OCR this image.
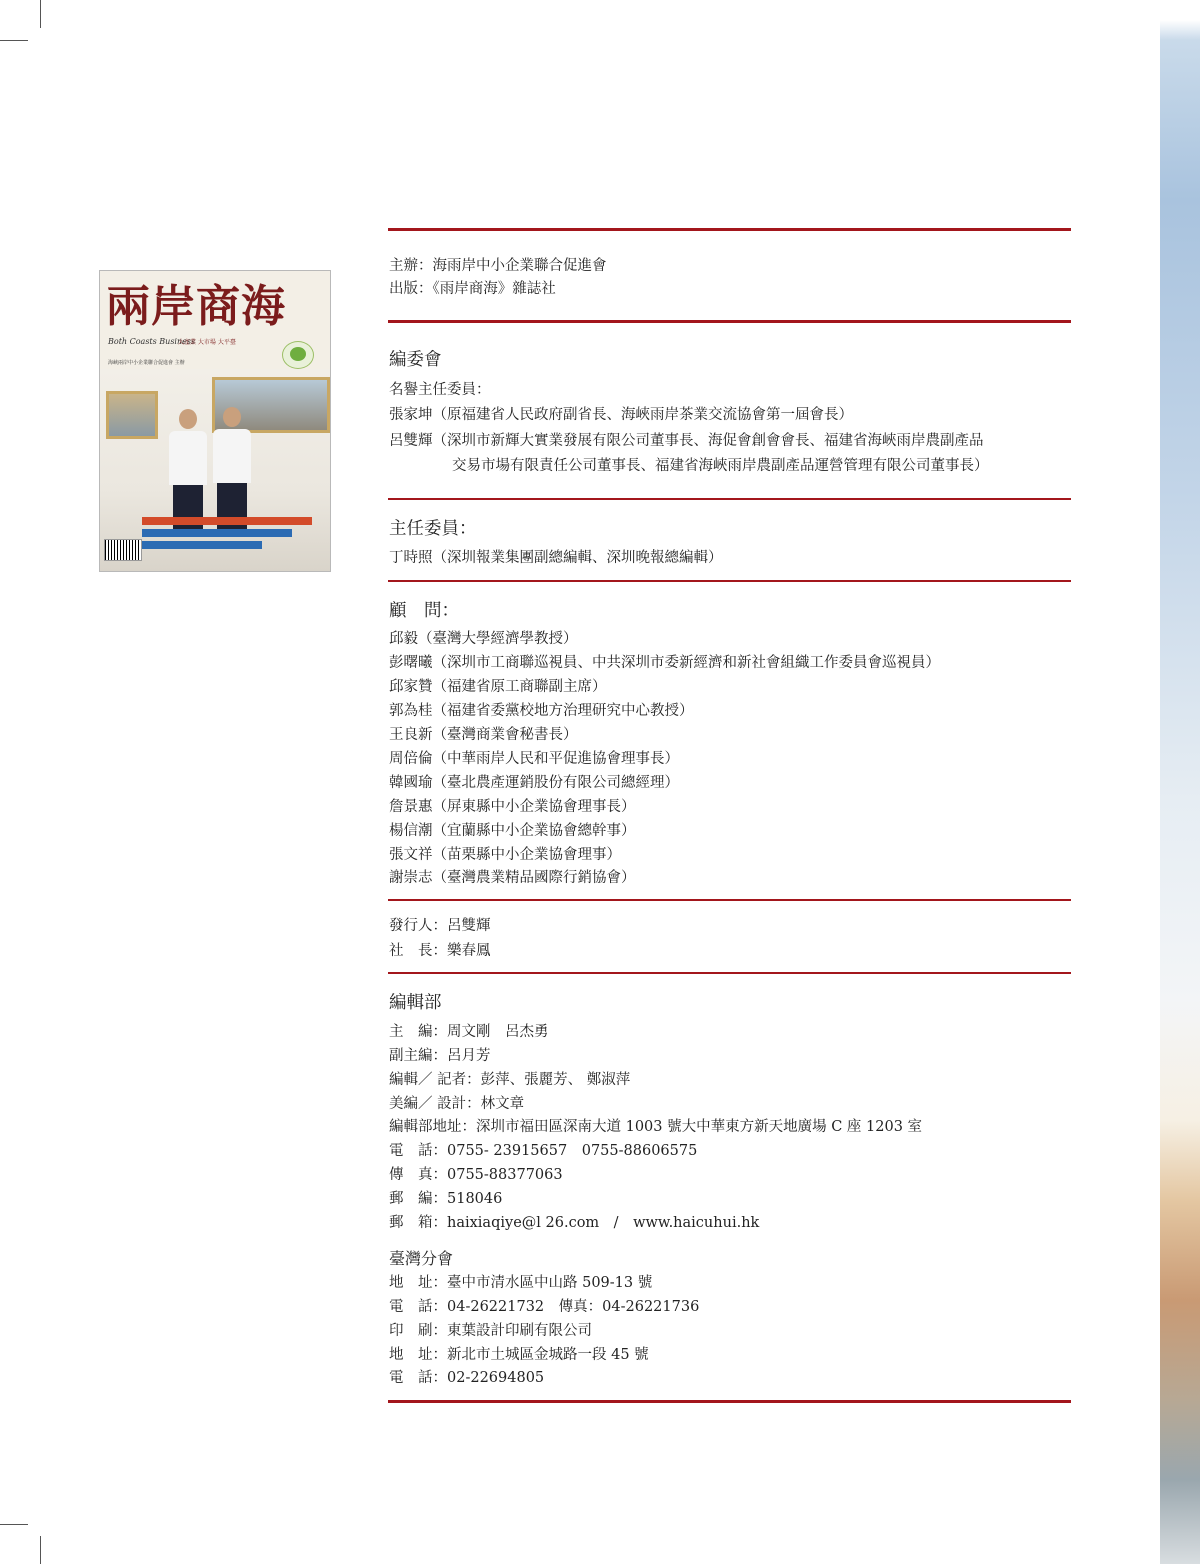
兩岸商海
Both Coasts Business
大產業 大市場 大平臺
海峽兩岸中小企業聯合促進會 主辦
主辦：海雨岸中小企業聯合促進會
出版：《雨岸商海》雜誌社
編委會
名譽主任委員：
張家坤（原福建省人民政府副省長、海峽雨岸茶業交流協會第一屆會長）
呂雙輝（深圳市新輝大實業發展有限公司董事長、海促會創會會長、福建省海峽雨岸農副產品
交易市場有限責任公司董事長、福建省海峽雨岸農副產品運營管理有限公司董事長）
主任委員：
丁時照（深圳報業集團副總編輯、深圳晚報總編輯）
顧　問：
邱毅（臺灣大學經濟學教授）
彭曙曦（深圳市工商聯巡視員、中共深圳市委新經濟和新社會組織工作委員會巡視員）
邱家贊（福建省原工商聯副主席）
郭為桂（福建省委黨校地方治理研究中心教授）
王良新（臺灣商業會秘書長）
周倍倫（中華雨岸人民和平促進協會理事長）
韓國瑜（臺北農產運銷股份有限公司總經理）
詹景惠（屏東縣中小企業協會理事長）
楊信潮（宜蘭縣中小企業協會總幹事）
張文祥（苗栗縣中小企業協會理事）
謝崇志（臺灣農業精品國際行銷協會）
發行人：呂雙輝
社　長：樂春鳳
編輯部
主　編：周文剛　呂杰勇
副主編：呂月芳
編輯／ 記者：彭萍、張麗芳、 鄭淑萍
美編／ 設計：林文章
編輯部地址：深圳市福田區深南大道 1003 號大中華東方新天地廣場 C 座 1203 室
電　話：0755- 23915657　0755-88606575
傳　真：0755-88377063
郵　編：518046
郵　箱：haixiaqiye@l 26.com　/　www.haicuhui.hk
臺灣分會
地　址：臺中市清水區中山路 509-13 號
電　話：04-26221732　傳真：04-26221736
印　刷：東葉設計印刷有限公司
地　址：新北市土城區金城路一段 45 號
電　話：02-22694805
